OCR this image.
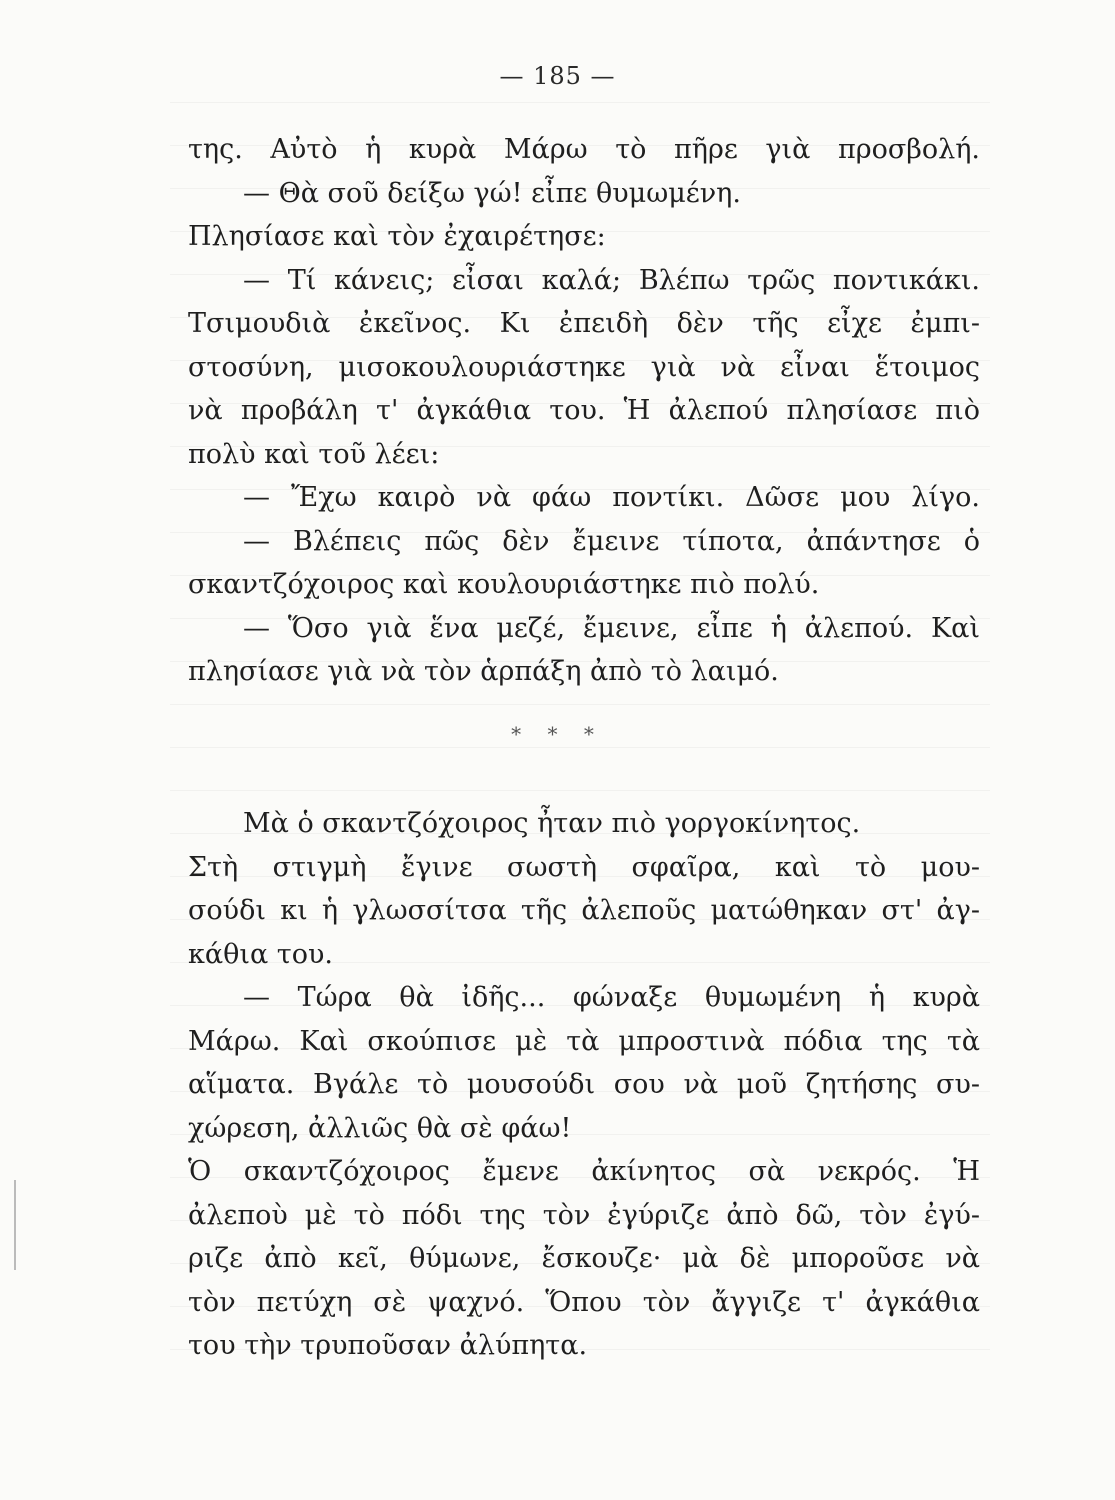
— 185 —
της. Αὐτὸ ἡ κυρὰ Μάρω τὸ πῆρε γιὰ προσβολή.
— Θὰ σοῦ δείξω γώ! εἶπε θυμωμένη.
Πλησίασε καὶ τὸν ἐχαιρέτησε:
— Τί κάνεις; εἶσαι καλά; Βλέπω τρῶς ποντικάκι.
Τσιμουδιὰ ἐκεῖνος. Κι ἐπειδὴ δὲν τῆς εἶχε ἐμπι-
στοσύνη, μισοκουλουριάστηκε γιὰ νὰ εἶναι ἕτοιμος
νὰ προβάλη τ' ἀγκάθια του. Ἡ ἀλεπού πλησίασε πιὸ
πολὺ καὶ τοῦ λέει:
— Ἔχω καιρὸ νὰ φάω ποντίκι. Δῶσε μου λίγο.
— Βλέπεις πῶς δὲν ἔμεινε τίποτα, ἀπάντησε ὁ
σκαντζόχοιρος καὶ κουλουριάστηκε πιὸ πολύ.
— Ὅσο γιὰ ἕνα μεζέ, ἔμεινε, εἶπε ἡ ἀλεπού. Καὶ
πλησίασε γιὰ νὰ τὸν ἁρπάξη ἀπὸ τὸ λαιμό.
* * *
Μὰ ὁ σκαντζόχοιρος ἦταν πιὸ γοργοκίνητος.
Στὴ στιγμὴ ἔγινε σωστὴ σφαῖρα, καὶ τὸ μου-
σούδι κι ἡ γλωσσίτσα τῆς ἀλεποῦς ματώθηκαν στ' ἀγ-
κάθια του.
— Τώρα θὰ ἰδῆς... φώναξε θυμωμένη ἡ κυρὰ
Μάρω. Καὶ σκούπισε μὲ τὰ μπροστινὰ πόδια της τὰ
αἵματα. Βγάλε τὸ μουσούδι σου νὰ μοῦ ζητήσης συ-
χώρεση, ἀλλιῶς θὰ σὲ φάω!
Ὁ σκαντζόχοιρος ἔμενε ἀκίνητος σὰ νεκρός. Ἡ
ἀλεποὺ μὲ τὸ πόδι της τὸν ἐγύριζε ἀπὸ δῶ, τὸν ἐγύ-
ριζε ἀπὸ κεῖ, θύμωνε, ἔσκουζε· μὰ δὲ μποροῦσε νὰ
τὸν πετύχη σὲ ψαχνό. Ὅπου τὸν ἄγγιζε τ' ἀγκάθια
του τὴν τρυποῦσαν ἀλύπητα.
